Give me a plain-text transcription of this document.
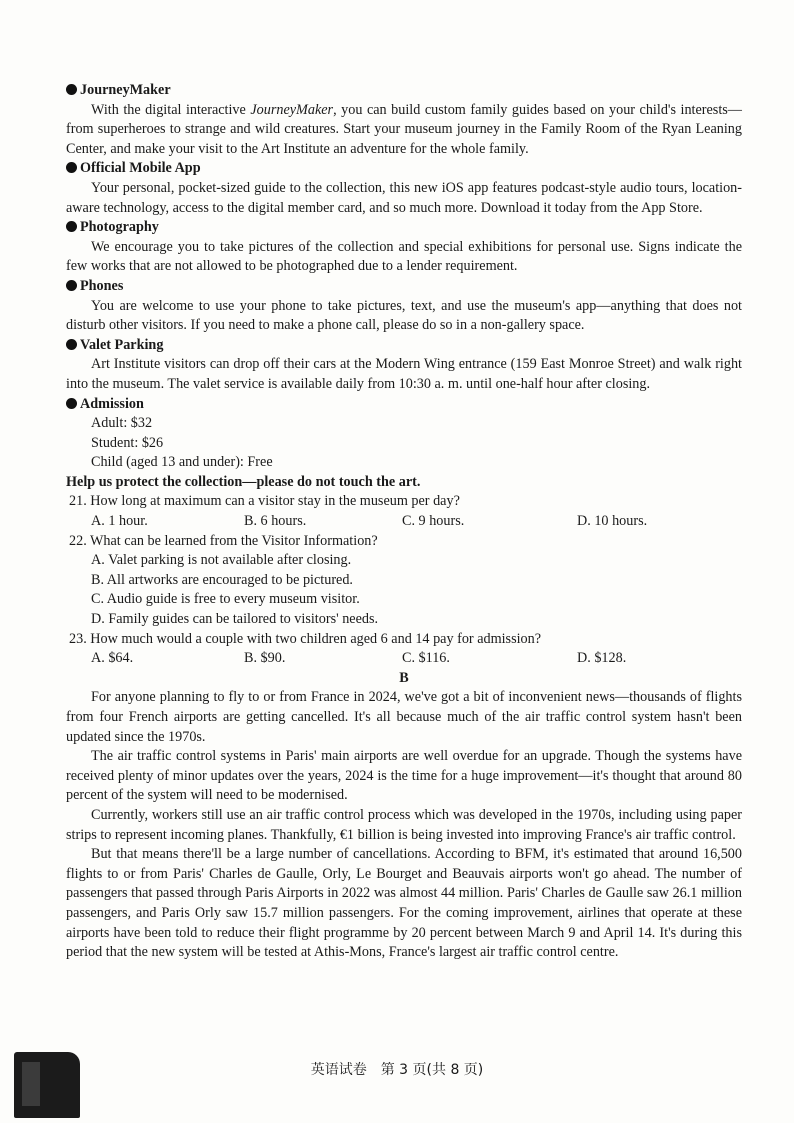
JourneyMaker

With the digital interactive JourneyMaker, you can build custom family guides based on your child's interests—from superheroes to strange and wild creatures. Start your museum journey in the Family Room of the Ryan Leaning Center, and make your visit to the Art Institute an adventure for the whole family.

Official Mobile App

Your personal, pocket-sized guide to the collection, this new iOS app features podcast-style audio tours, location-aware technology, access to the digital member card, and so much more. Download it today from the App Store.

Photography

We encourage you to take pictures of the collection and special exhibitions for personal use. Signs indicate the few works that are not allowed to be photographed due to a lender requirement.

Phones

You are welcome to use your phone to take pictures, text, and use the museum's app—anything that does not disturb other visitors. If you need to make a phone call, please do so in a non-gallery space.

Valet Parking

Art Institute visitors can drop off their cars at the Modern Wing entrance (159 East Monroe Street) and walk right into the museum. The valet service is available daily from 10:30 a. m. until one-half hour after closing.

Admission

Adult: $32

Student: $26

Child (aged 13 and under): Free

Help us protect the collection—please do not touch the art.

21. How long at maximum can a visitor stay in the museum per day?

A. 1 hour.	B. 6 hours.	C. 9 hours.	D. 10 hours.

22. What can be learned from the Visitor Information?

A. Valet parking is not available after closing.

B. All artworks are encouraged to be pictured.

C. Audio guide is free to every museum visitor.

D. Family guides can be tailored to visitors' needs.

23. How much would a couple with two children aged 6 and 14 pay for admission?

A. $64.	B. $90.	C. $116.	D. $128.

B

For anyone planning to fly to or from France in 2024, we've got a bit of inconvenient news—thousands of flights from four French airports are getting cancelled. It's all because much of the air traffic control system hasn't been updated since the 1970s.

The air traffic control systems in Paris' main airports are well overdue for an upgrade. Though the systems have received plenty of minor updates over the years, 2024 is the time for a huge improvement—it's thought that around 80 percent of the system will need to be modernised.

Currently, workers still use an air traffic control process which was developed in the 1970s, including using paper strips to represent incoming planes. Thankfully, €1 billion is being invested into improving France's air traffic control.

But that means there'll be a large number of cancellations. According to BFM, it's estimated that around 16,500 flights to or from Paris' Charles de Gaulle, Orly, Le Bourget and Beauvais airports won't go ahead. The number of passengers that passed through Paris Airports in 2022 was almost 44 million. Paris' Charles de Gaulle saw 26.1 million passengers, and Paris Orly saw 15.7 million passengers. For the coming improvement, airlines that operate at these airports have been told to reduce their flight programme by 20 percent between March 9 and April 14. It's during this period that the new system will be tested at Athis-Mons, France's largest air traffic control centre.

英语试卷　第 3 页(共 8 页)
